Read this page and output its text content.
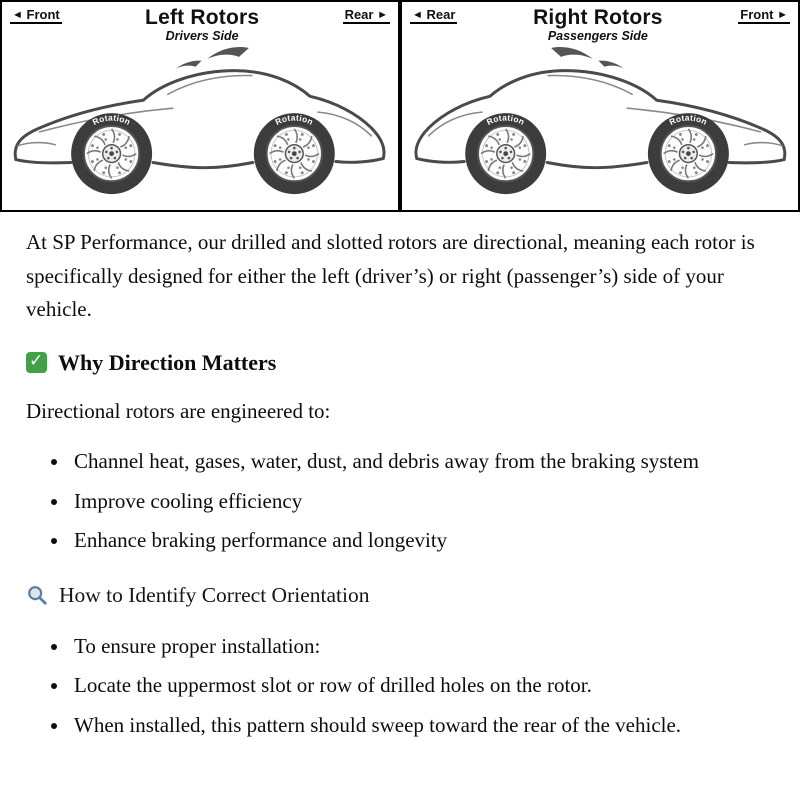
◄ Front	Left Rotors
Drivers Side
Rear ►
Rotation	Rotation
◄ Rear	Right Rotors
Passengers Side
Front ►
Rotation
Rotation

At SP Performance, our drilled and slotted rotors are directional, meaning each rotor is specifically designed for either the left (driver’s) or right (passenger’s) side of your vehicle.

✓Why Direction Matters

Directional rotors are engineered to:

• Channel heat, gases, water, dust, and debris away from the braking system
• Improve cooling efficiency
• Enhance braking performance and longevity
How to Identify Correct Orientation
• To ensure proper installation:
• Locate the uppermost slot or row of drilled holes on the rotor.
• When installed, this pattern should sweep toward the rear of the vehicle.
